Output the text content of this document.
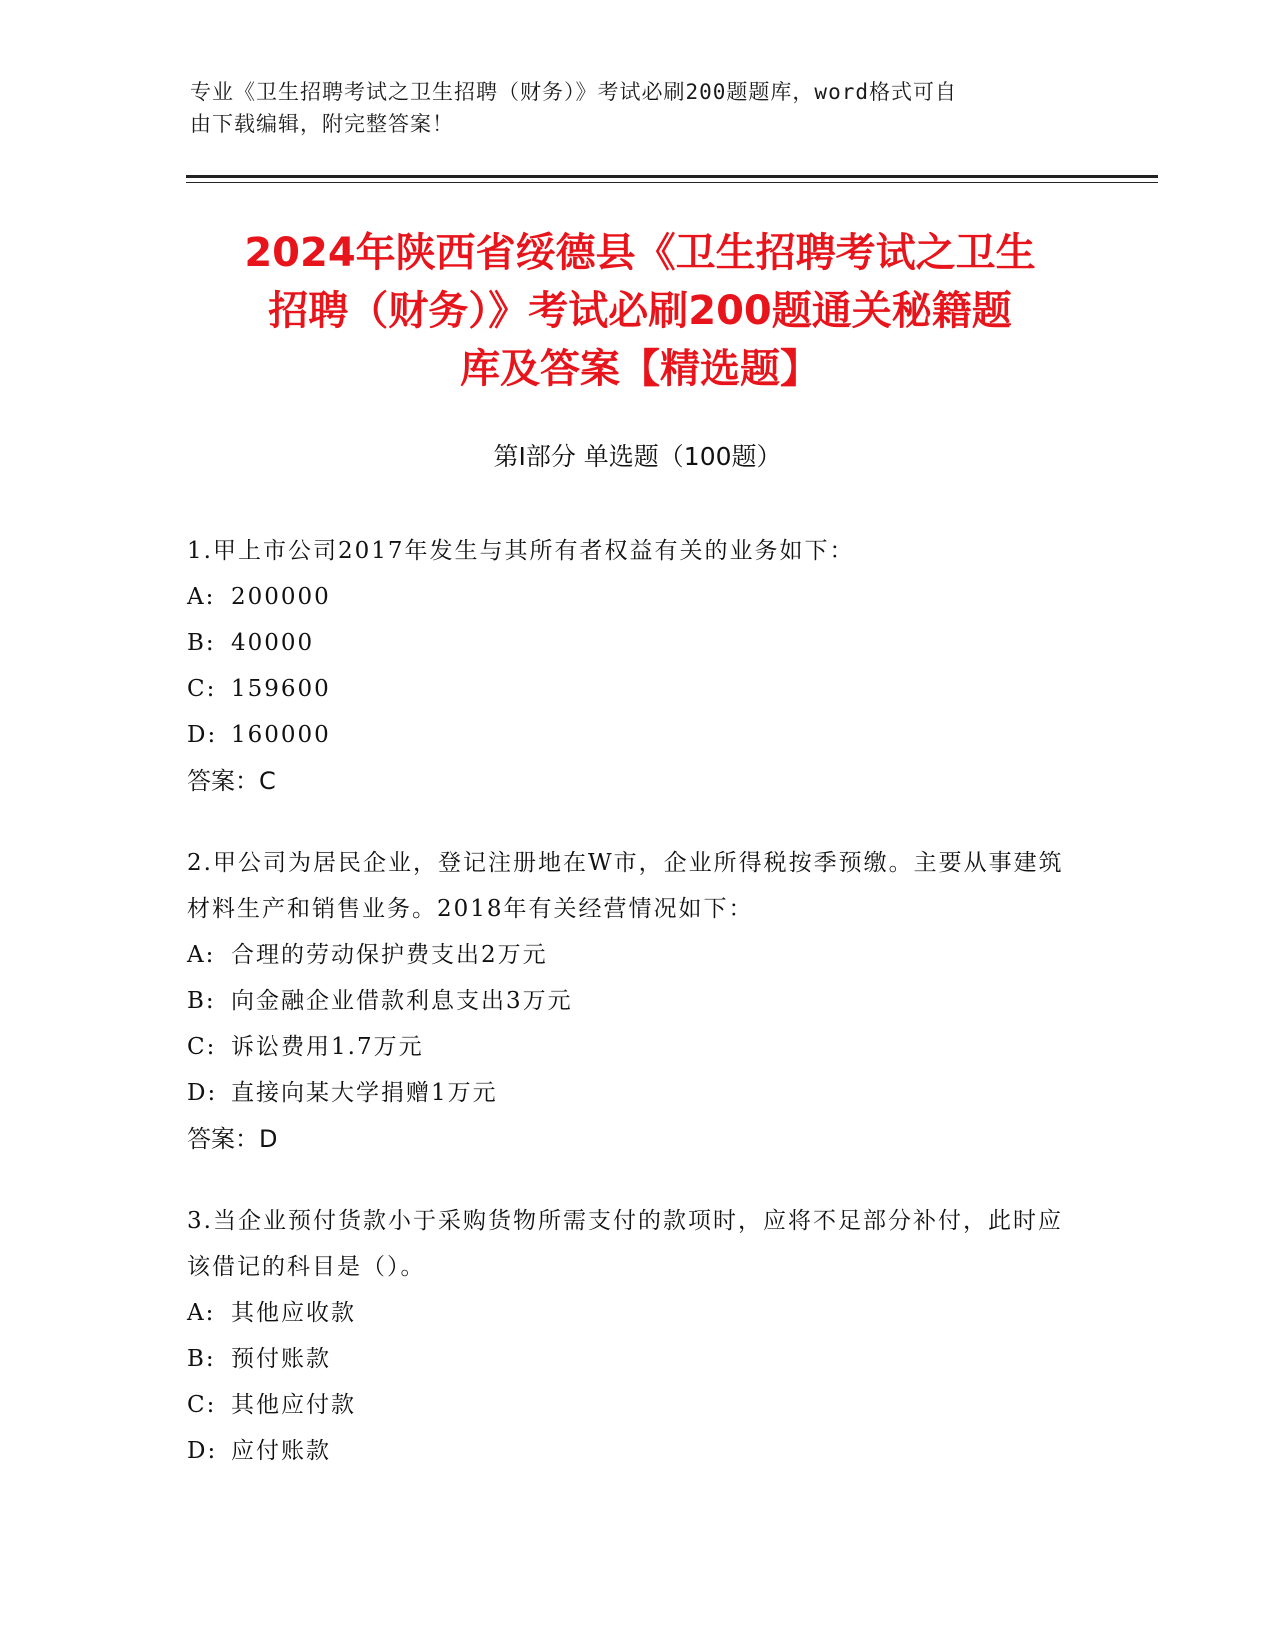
专业《卫生招聘考试之卫生招聘（财务）》考试必刷200题题库，word格式可自
由下载编辑，附完整答案！
2024年陕西省绥德县《卫生招聘考试之卫生
招聘（财务）》考试必刷200题通关秘籍题
库及答案【精选题】
第Ⅰ部分 单选题（100题）
1.甲上市公司2017年发生与其所有者权益有关的业务如下：
A: 200000
B: 40000
C: 159600
D: 160000
答案：C
2.甲公司为居民企业，登记注册地在W市，企业所得税按季预缴。主要从事建筑材料生产和销售业务。2018年有关经营情况如下：
A: 合理的劳动保护费支出2万元
B: 向金融企业借款利息支出3万元
C: 诉讼费用1.7万元
D: 直接向某大学捐赠1万元
答案：D
3.当企业预付货款小于采购货物所需支付的款项时，应将不足部分补付，此时应该借记的科目是（）。
A: 其他应收款
B: 预付账款
C: 其他应付款
D: 应付账款
